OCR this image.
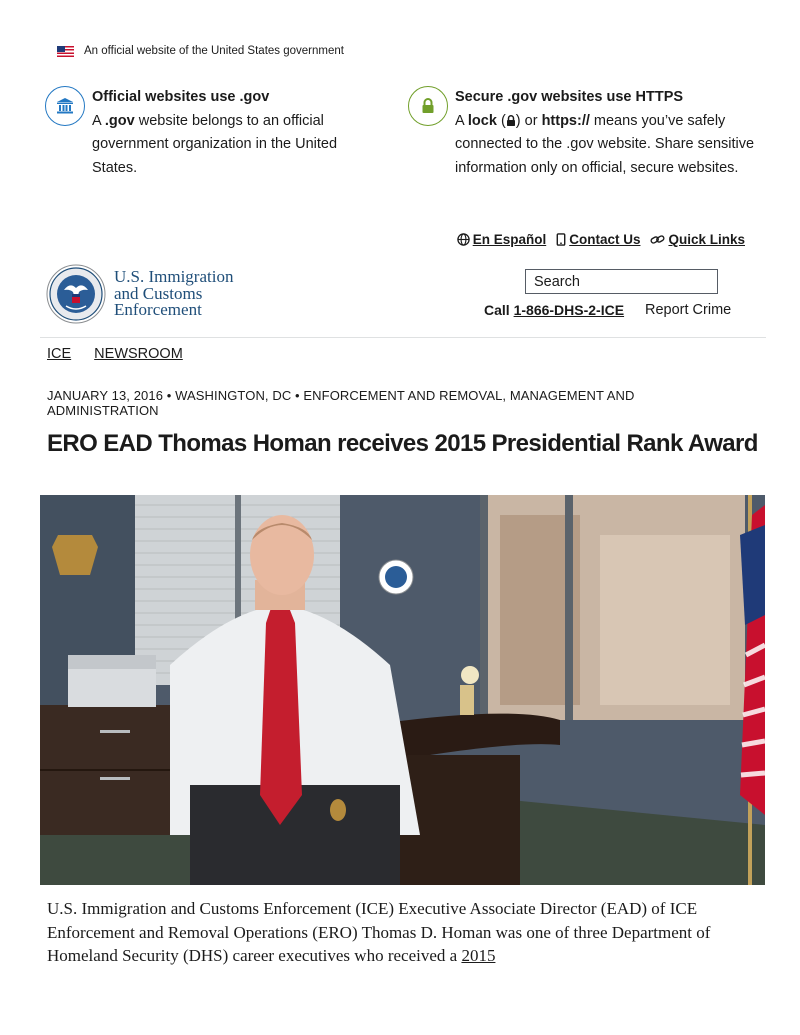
An official website of the United States government
Official websites use .gov
A .gov website belongs to an official government organization in the United States.
Secure .gov websites use HTTPS
A lock ( ) or https:// means you’ve safely connected to the .gov website. Share sensitive information only on official, secure websites.
En Español Contact Us Quick Links
U.S. Immigration
and Customs
Enforcement
Search	Call 1-866-DHS-2-ICE Report Crime
ICE NEWSROOM
JANUARY 13, 2016 • WASHINGTON, DC • ENFORCEMENT AND REMOVAL, MANAGEMENT AND ADMINISTRATION
ERO EAD Thomas Homan receives 2015 Presidential Rank Award

U.S. Immigration and Customs Enforcement (ICE) Executive Associate Director (EAD) of ICE Enforcement and Removal Operations (ERO) Thomas D. Homan was one of three Department of Homeland Security (DHS) career executives who received a 2015
